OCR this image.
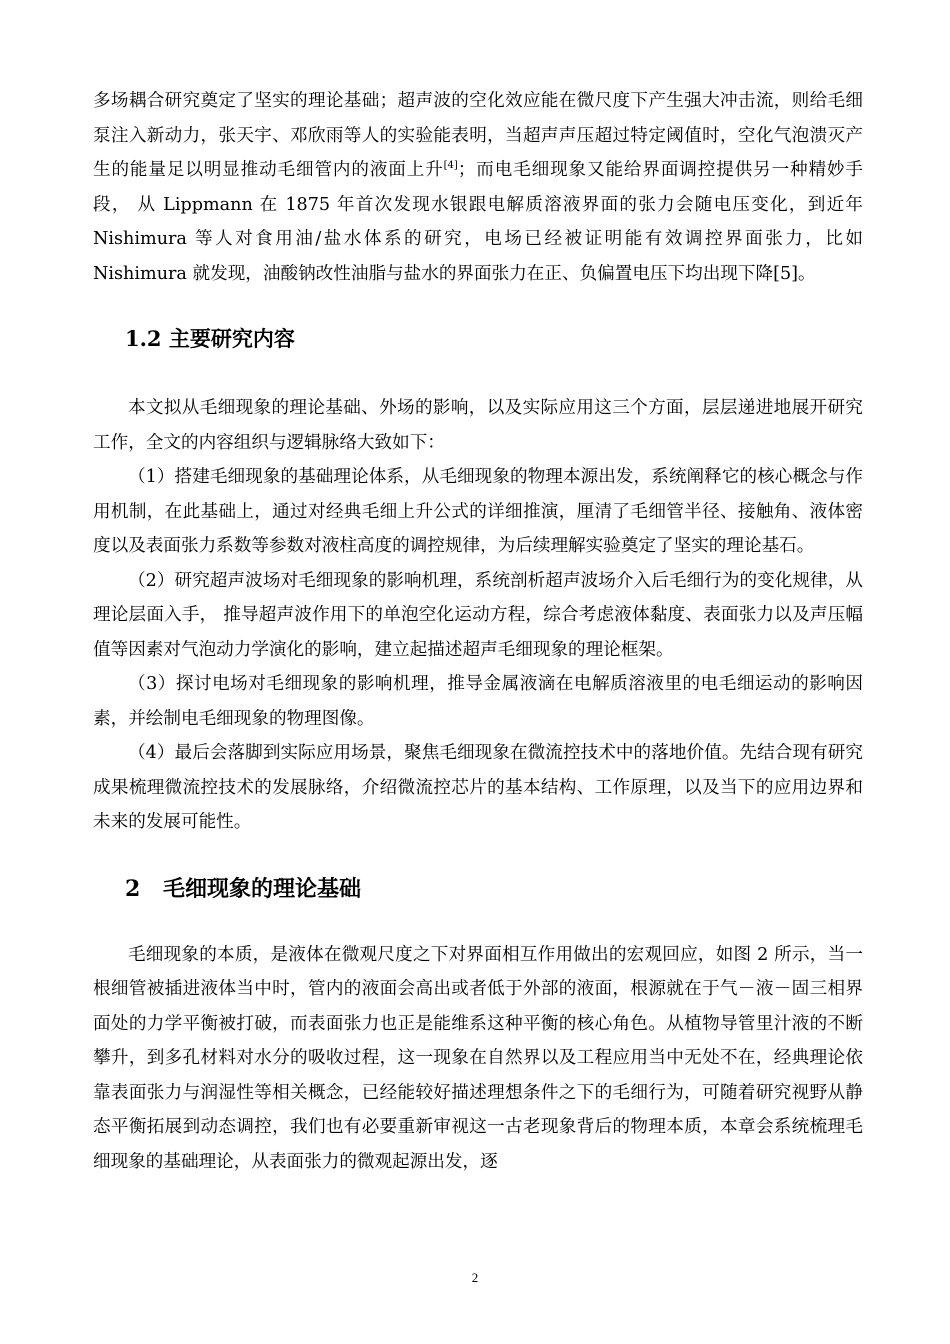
多场耦合研究奠定了坚实的理论基础；超声波的空化效应能在微尺度下产生强大冲击流，则给毛细泵注入新动力，张天宇、邓欣雨等人的实验能表明，当超声声压超过特定阈值时，空化气泡溃灭产生的能量足以明显推动毛细管内的液面上升[4]；而电毛细现象又能给界面调控提供另一种精妙手段， 从 Lippmann 在 1875 年首次发现水银跟电解质溶液界面的张力会随电压变化，到近年 Nishimura 等人对食用油/盐水体系的研究，电场已经被证明能有效调控界面张力，比如 Nishimura 就发现，油酸钠改性油脂与盐水的界面张力在正、负偏置电压下均出现下降[5]。

1.2 主要研究内容

本文拟从毛细现象的理论基础、外场的影响，以及实际应用这三个方面，层层递进地展开研究工作，全文的内容组织与逻辑脉络大致如下：

（1）搭建毛细现象的基础理论体系，从毛细现象的物理本源出发，系统阐释它的核心概念与作用机制，在此基础上，通过对经典毛细上升公式的详细推演，厘清了毛细管半径、接触角、液体密度以及表面张力系数等参数对液柱高度的调控规律，为后续理解实验奠定了坚实的理论基石。

（2）研究超声波场对毛细现象的影响机理，系统剖析超声波场介入后毛细行为的变化规律，从理论层面入手， 推导超声波作用下的单泡空化运动方程，综合考虑液体黏度、表面张力以及声压幅值等因素对气泡动力学演化的影响，建立起描述超声毛细现象的理论框架。

（3）探讨电场对毛细现象的影响机理，推导金属液滴在电解质溶液里的电毛细运动的影响因素，并绘制电毛细现象的物理图像。

（4）最后会落脚到实际应用场景，聚焦毛细现象在微流控技术中的落地价值。先结合现有研究成果梳理微流控技术的发展脉络，介绍微流控芯片的基本结构、工作原理，以及当下的应用边界和未来的发展可能性。

2 毛细现象的理论基础

毛细现象的本质，是液体在微观尺度之下对界面相互作用做出的宏观回应，如图 2 所示，当一根细管被插进液体当中时，管内的液面会高出或者低于外部的液面，根源就在于气－液－固三相界面处的力学平衡被打破，而表面张力也正是能维系这种平衡的核心角色。从植物导管里汁液的不断攀升，到多孔材料对水分的吸收过程，这一现象在自然界以及工程应用当中无处不在，经典理论依靠表面张力与润湿性等相关概念，已经能较好描述理想条件之下的毛细行为，可随着研究视野从静态平衡拓展到动态调控，我们也有必要重新审视这一古老现象背后的物理本质，本章会系统梳理毛细现象的基础理论，从表面张力的微观起源出发，逐

2
